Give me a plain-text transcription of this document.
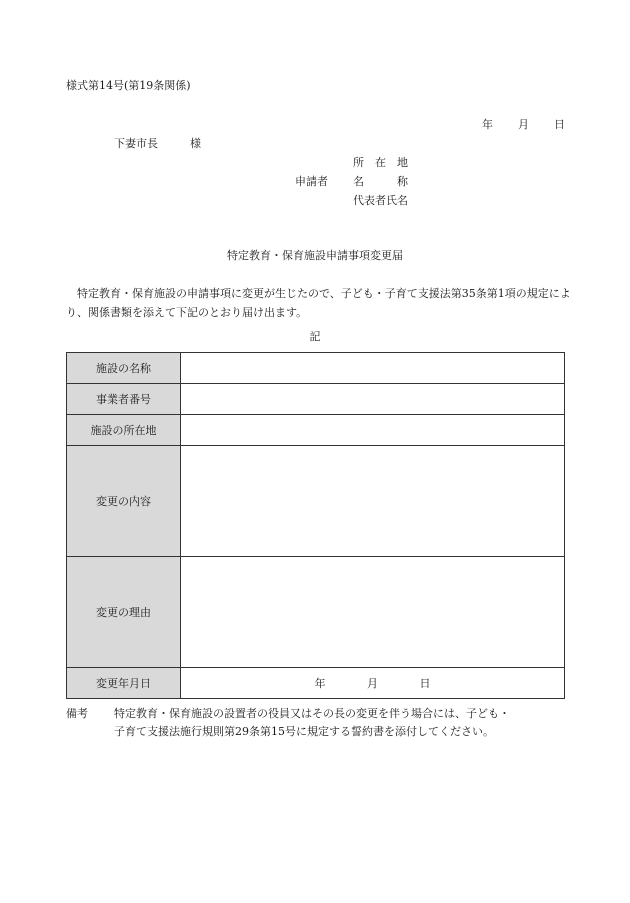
様式第14号(第19条関係)
年 月 日
下妻市長	様
申請者
所　在　地
名　　　称
代表者氏名
特定教育・保育施設申請事項変更届
特定教育・保育施設の申請事項に変更が生じたので、子ども・子育て支援法第35条第1項の規定により、関係書類を添えて下記のとおり届け出ます。
記
施設の名称	
事業者番号	
施設の所在地	
変更の内容	
変更の理由	
変更年月日	年 月 日
備考 特定教育・保育施設の設置者の役員又はその長の変更を伴う場合には、子ども・
子育て支援法施行規則第29条第15号に規定する誓約書を添付してください。
